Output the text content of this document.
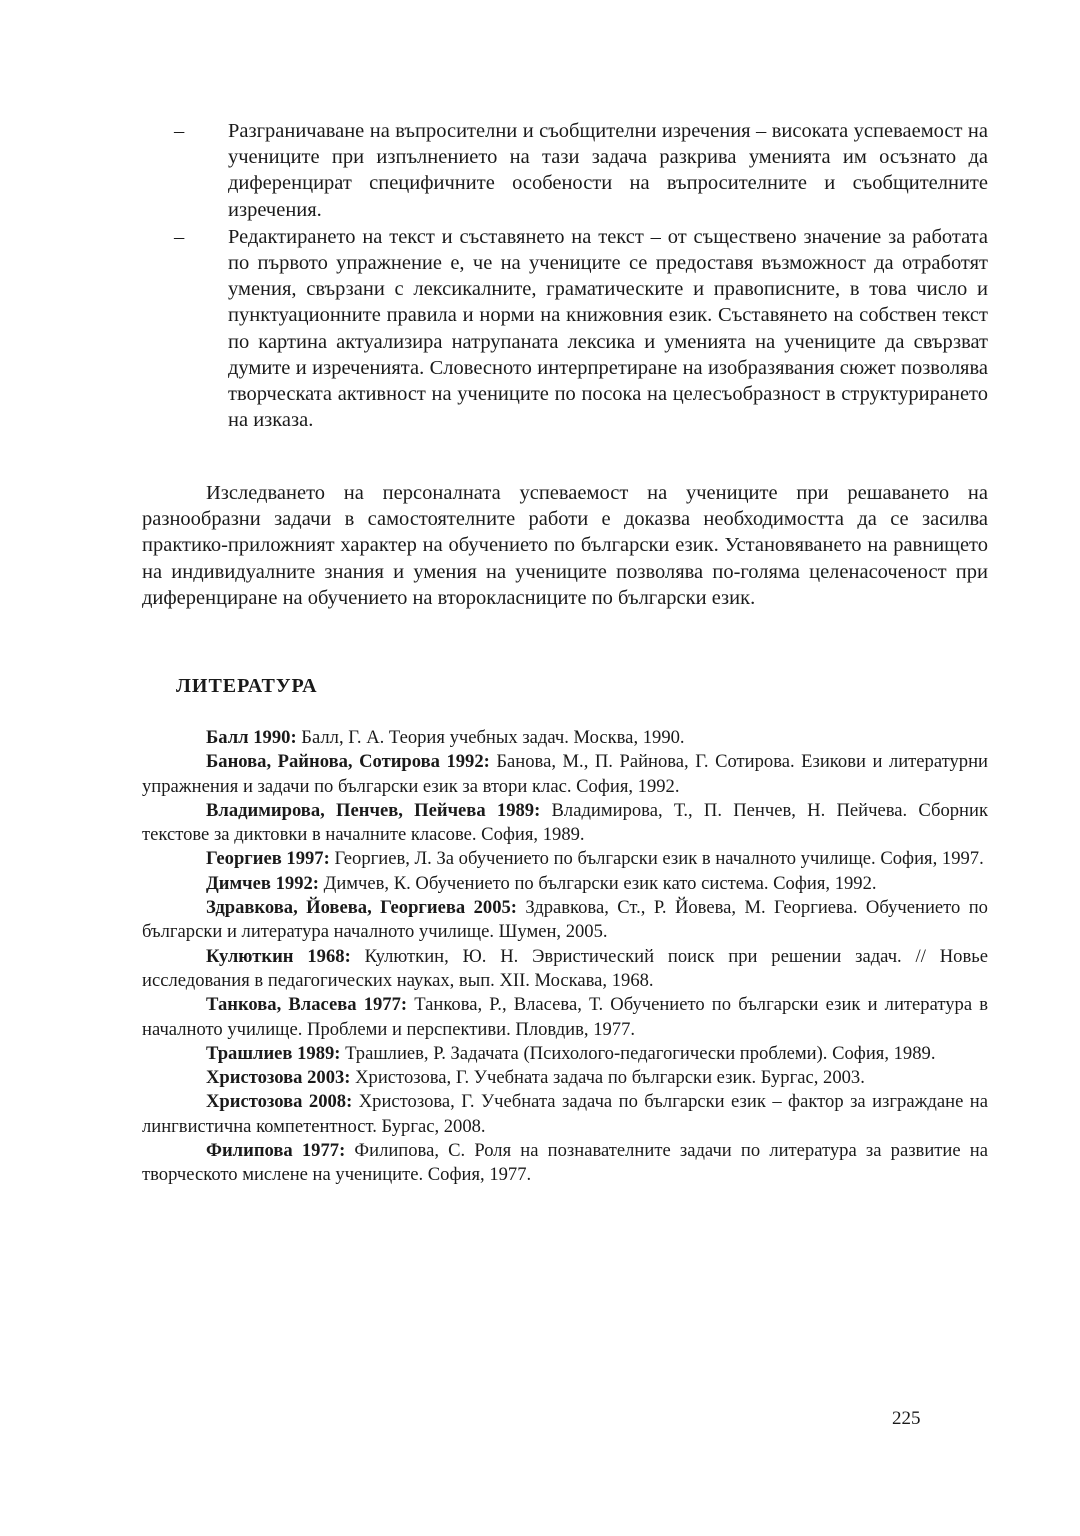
– Разграничаване на въпросителни и съобщителни изречения – високата успеваемост на учениците при изпълнението на тази задача разкрива уменията им осъзнато да диференцират специфичните особености на въпросителните и съобщителните изречения.

– Редактирането на текст и съставянето на текст – от съществено значение за работата по първото упражнение е, че на учениците се предоставя възможност да отработят умения, свързани с лексикалните, граматическите и правописните, в това число и пунктуационните правила и норми на книжовния език. Съставянето на собствен текст по картина актуализира натрупаната лексика и уменията на учениците да свързват думите и изреченията. Словесното интерпретиране на изобразявания сюжет позволява творческата активност на учениците по посока на целесъобразност в структурирането на изказа.

Изследването на персоналната успеваемост на учениците при решаването на разнообразни задачи в самостоятелните работи е доказва необходимостта да се засилва практико-приложният характер на обучението по български език. Установяването на равнището на индивидуалните знания и умения на учениците позволява по-голяма целенасоченост при диференциране на обучението на второкласниците по български език.

ЛИТЕРАТУРА

Балл 1990: Балл, Г. А. Теория учебных задач. Москва, 1990.

Банова, Райнова, Сотирова 1992: Банова, М., П. Райнова, Г. Сотирова. Езикови и литературни упражнения и задачи по български език за втори клас. София, 1992.

Владимирова, Пенчев, Пейчева 1989: Владимирова, Т., П. Пенчев, Н. Пейчева. Сборник текстове за диктовки в началните класове. София, 1989.

Георгиев 1997: Георгиев, Л. За обучението по български език в началното училище. София, 1997.

Димчев 1992: Димчев, К. Обучението по български език като система. София, 1992.

Здравкова, Йовева, Георгиева 2005: Здравкова, Ст., Р. Йовева, М. Георгиева. Обучението по български и литература началното училище. Шумен, 2005.

Кулюткин 1968: Кулюткин, Ю. Н. Эвристический поиск при решении задач. // Новье исследования в педагогических науках, вып. XII. Москава, 1968.

Танкова, Власева 1977: Танкова, Р., Власева, Т. Обучението по български език и литература в началното училище. Проблеми и перспективи. Пловдив, 1977.

Трашлиев 1989: Трашлиев, Р. Задачата (Психолого-педагогически проблеми). София, 1989.

Христозова 2003: Христозова, Г. Учебната задача по български език. Бургас, 2003.

Христозова 2008: Христозова, Г. Учебната задача по български език – фактор за изграждане на лингвистична компетентност. Бургас, 2008.

Филипова 1977: Филипова, С. Роля на познавателните задачи по литература за развитие на творческото мислене на учениците. София, 1977.

225
